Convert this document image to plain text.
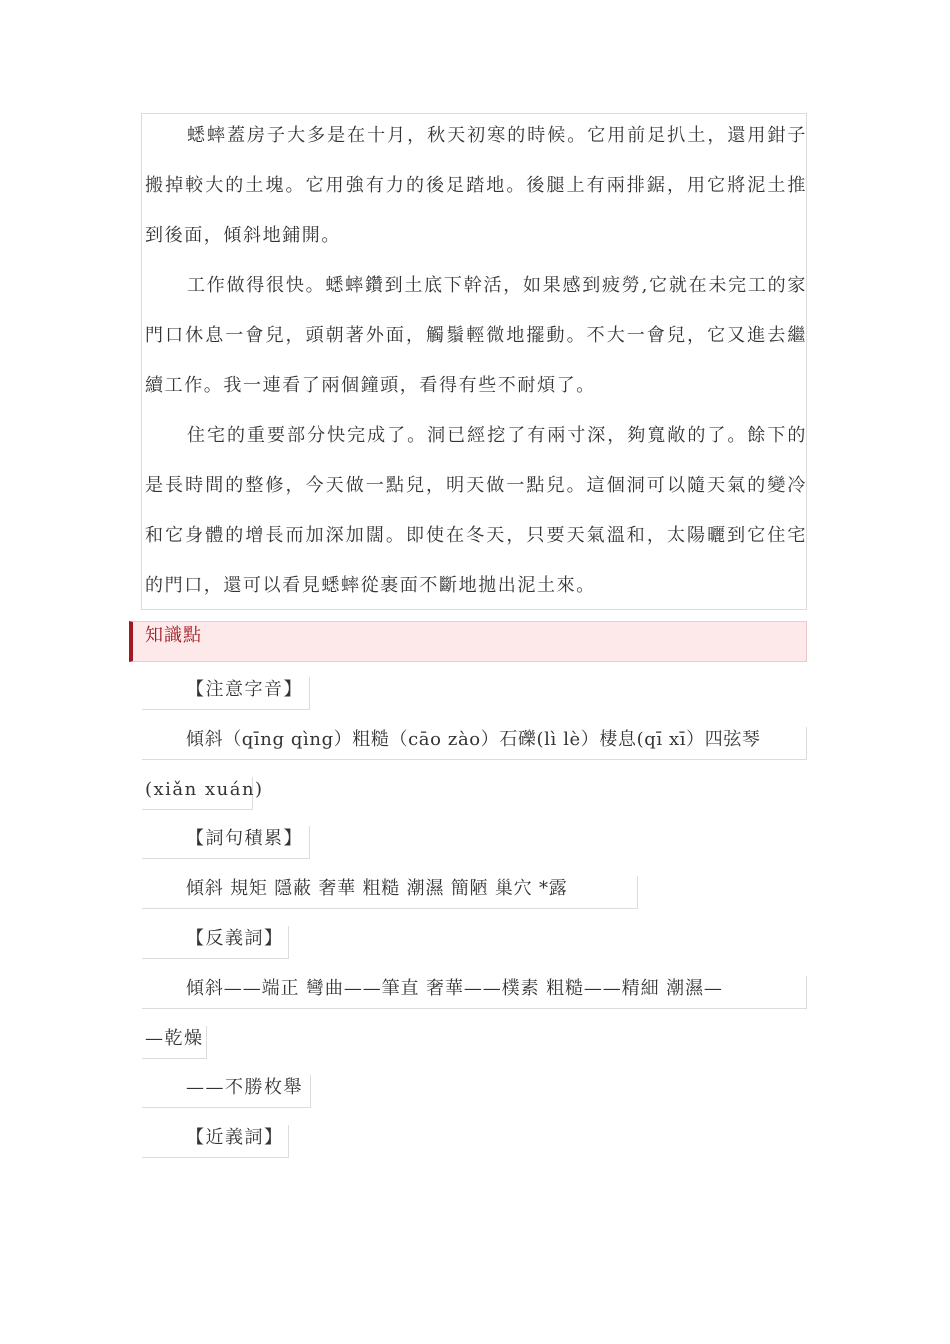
蟋蟀蓋房子大多是在十月，秋天初寒的時候。它用前足扒土，還用鉗子搬掉較大的土塊。它用強有力的後足踏地。後腿上有兩排鋸，用它將泥土推到後面，傾斜地鋪開。

工作做得很快。蟋蟀鑽到土底下幹活，如果感到疲勞,它就在未完工的家門口休息一會兒，頭朝著外面，觸鬚輕微地擺動。不大一會兒，它又進去繼續工作。我一連看了兩個鐘頭，看得有些不耐煩了。

住宅的重要部分快完成了。洞已經挖了有兩寸深，夠寬敞的了。餘下的是長時間的整修，今天做一點兒，明天做一點兒。這個洞可以隨天氣的變冷和它身體的增長而加深加闊。即使在冬天，只要天氣溫和，太陽曬到它住宅的門口，還可以看見蟋蟀從裹面不斷地拋出泥土來。

知識點
【注意字音】
傾斜（qīng qìng）粗糙（cāo zào）石礫(lì lè）棲息(qī xī）四弦琴
(xiǎn xuán)
【詞句積累】
傾斜 規矩 隱蔽 奢華 粗糙 潮濕 簡陋 巢穴 *露
【反義詞】
傾斜——端正 彎曲——筆直 奢華——樸素 粗糙——精細 潮濕—
—乾燥
——不勝枚舉
【近義詞】
